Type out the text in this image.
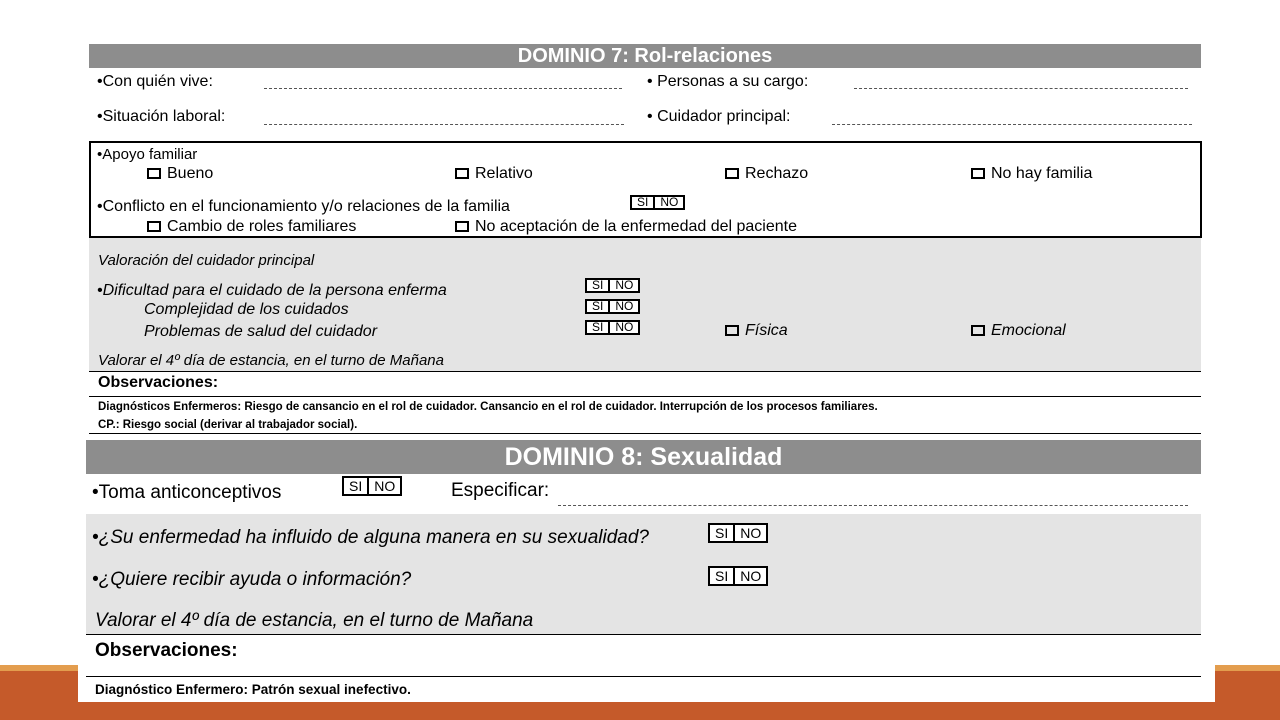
DOMINIO 7: Rol-relaciones
•Con quién vive:	• Personas a su cargo:
•Situación laboral:	• Cuidador principal:
•Apoyo familiar
Bueno	Relativo	Rechazo	No hay familia
•Conflicto en el funcionamiento y/o relaciones de la familia	SI	NO
Cambio de roles familiares	No aceptación de la enfermedad del paciente
Valoración del cuidador principal
•Dificultad para el cuidado de la persona enferma	SI	NO
Complejidad de los cuidados	SI	NO
Problemas de salud del cuidador	SI	NO	Física	Emocional
Valorar el 4º día de estancia, en el turno de Mañana
Observaciones:
Diagnósticos Enfermeros: Riesgo de cansancio en el rol de cuidador. Cansancio en el rol de cuidador. Interrupción de los procesos familiares.
CP.: Riesgo social (derivar al trabajador social).
DOMINIO 8: Sexualidad
•Toma anticonceptivos	SI NO	Especificar:
•¿Su enfermedad ha influido de alguna manera en su sexualidad?	SI NO
•¿Quiere recibir ayuda o información?	SI NO
Valorar el 4º día de estancia, en el turno de Mañana
Observaciones:
Diagnóstico Enfermero: Patrón sexual inefectivo.
